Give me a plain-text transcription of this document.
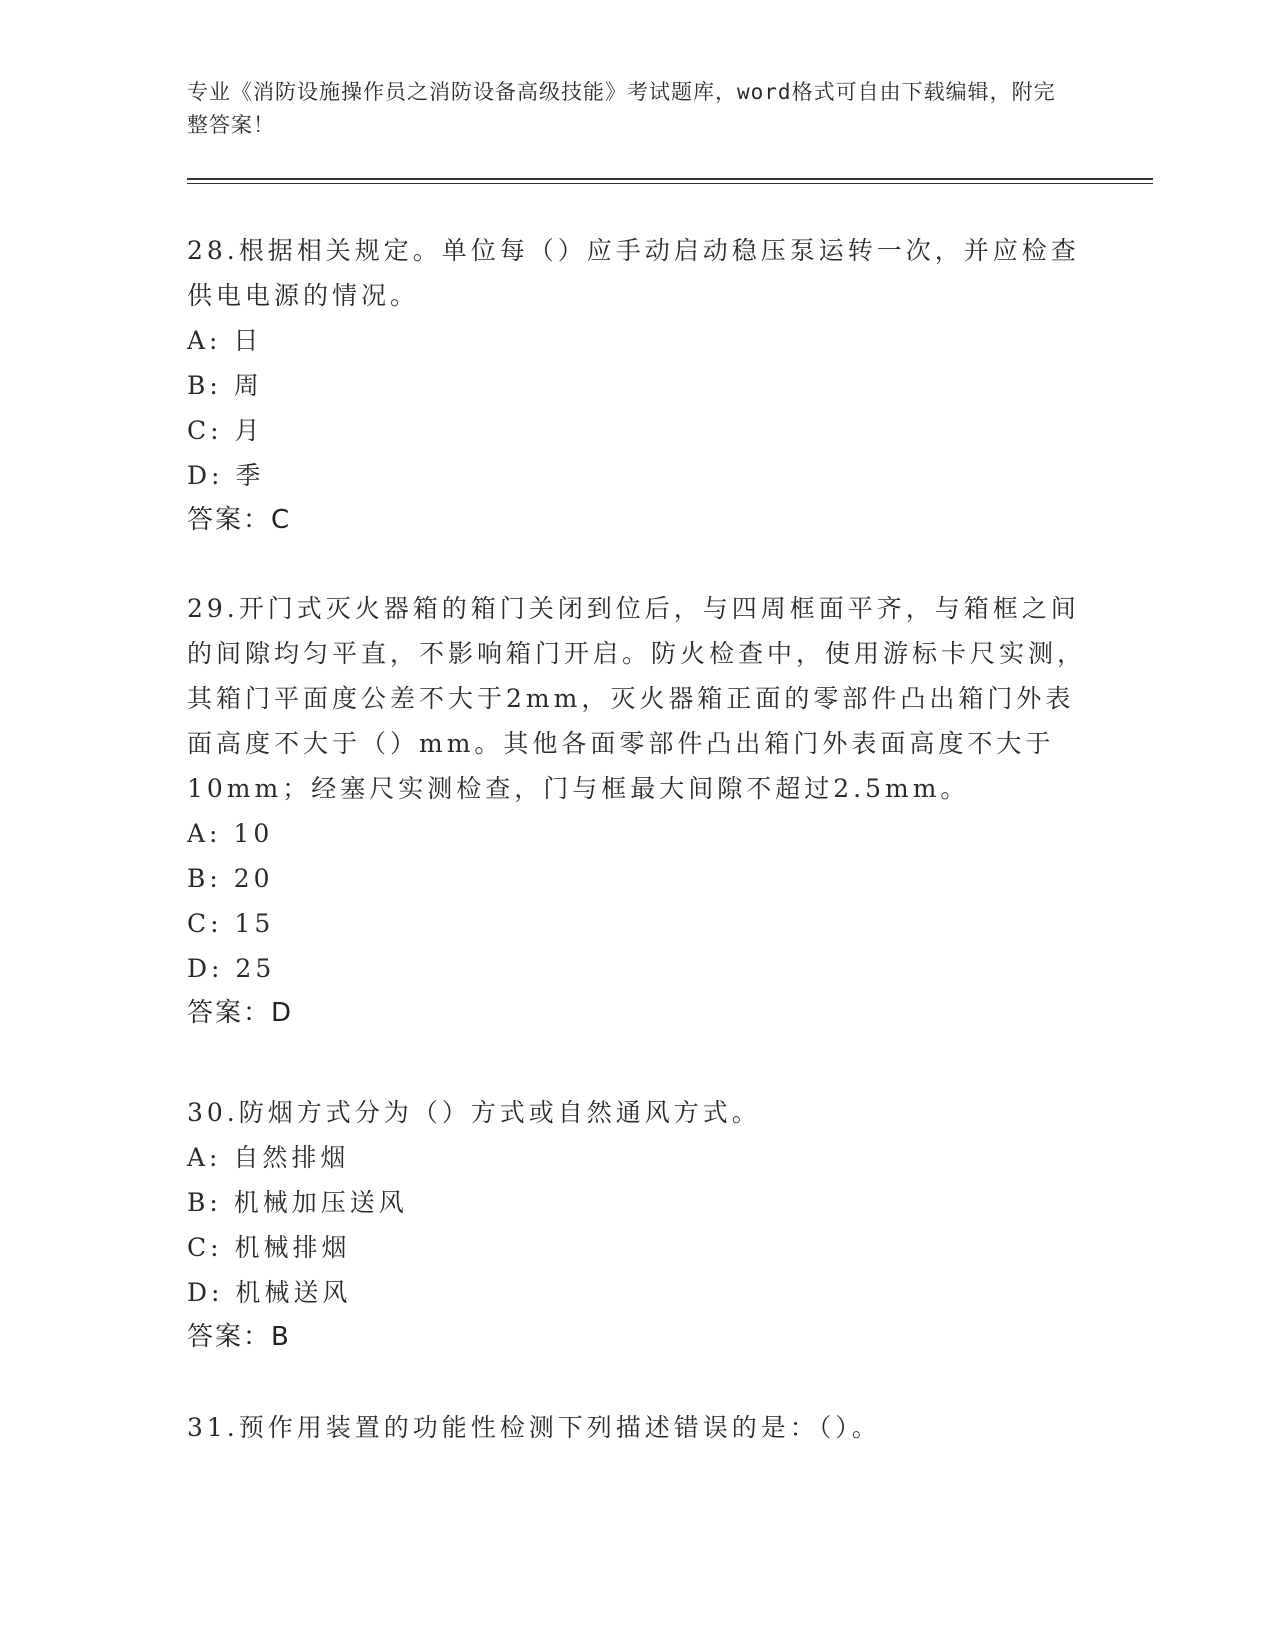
专业《消防设施操作员之消防设备高级技能》考试题库，word格式可自由下载编辑，附完整答案！

28.根据相关规定。单位每（）应手动启动稳压泵运转一次，并应检查供电电源的情况。

A: 日

B: 周

C: 月

D: 季

答案：C

29.开门式灭火器箱的箱门关闭到位后，与四周框面平齐，与箱框之间的间隙均匀平直，不影响箱门开启。防火检查中，使用游标卡尺实测，其箱门平面度公差不大于2mm，灭火器箱正面的零部件凸出箱门外表面高度不大于（）mm。其他各面零部件凸出箱门外表面高度不大于10mm；经塞尺实测检查，门与框最大间隙不超过2.5mm。

A: 10

B: 20

C: 15

D: 25

答案：D

30.防烟方式分为（）方式或自然通风方式。

A: 自然排烟

B: 机械加压送风

C: 机械排烟

D: 机械送风

答案：B

31.预作用装置的功能性检测下列描述错误的是：（）。
